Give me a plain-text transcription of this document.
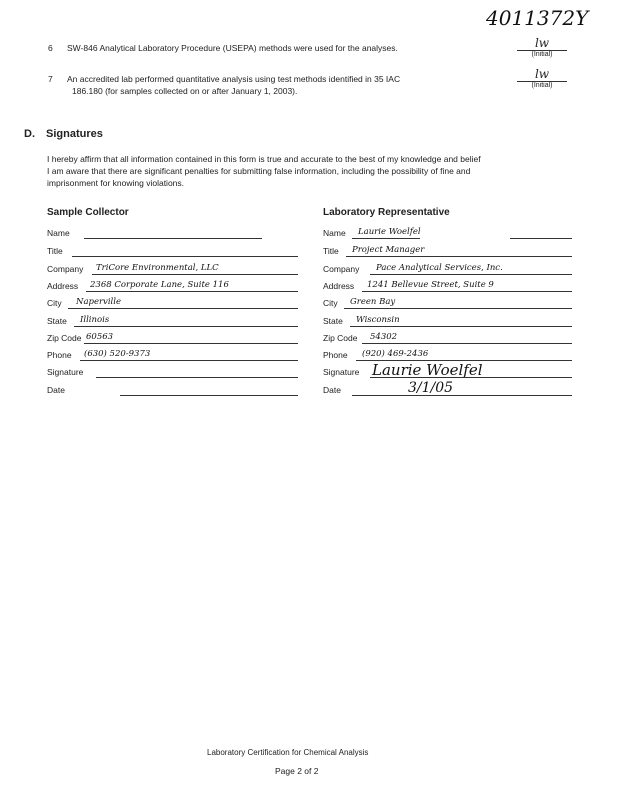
4011372Y
6 SW-846 Analytical Laboratory Procedure (USEPA) methods were used for the analyses.	lw
(Initial)
7 An accredited lab performed quantitative analysis using test methods identified in 35 IAC
186.180 (for samples collected on or after January 1, 2003).
lw
(Initial)
D. Signatures
I hereby affirm that all information contained in this form is true and accurate to the best of my knowledge and belief
I am aware that there are significant penalties for submitting false information, including the possibility of fine and
imprisonment for knowing violations.
Sample Collector	Laboratory Representative
Name
Title
Company TriCore Environmental, LLC
Address 2368 Corporate Lane, Suite 116
City Naperville
State Illinois
Zip Code 60563
Phone (630) 520-9373
Signature
Date
Name Laurie Woelfel
Title Project Manager
Company Pace Analytical Services, Inc.
Address 1241 Bellevue Street, Suite 9
City Green Bay
State Wisconsin
Zip Code 54302
Phone (920) 469-2436
Signature Laurie Woelfel
Date	3/1/05
Laboratory Certification for Chemical Analysis
Page 2 of 2
